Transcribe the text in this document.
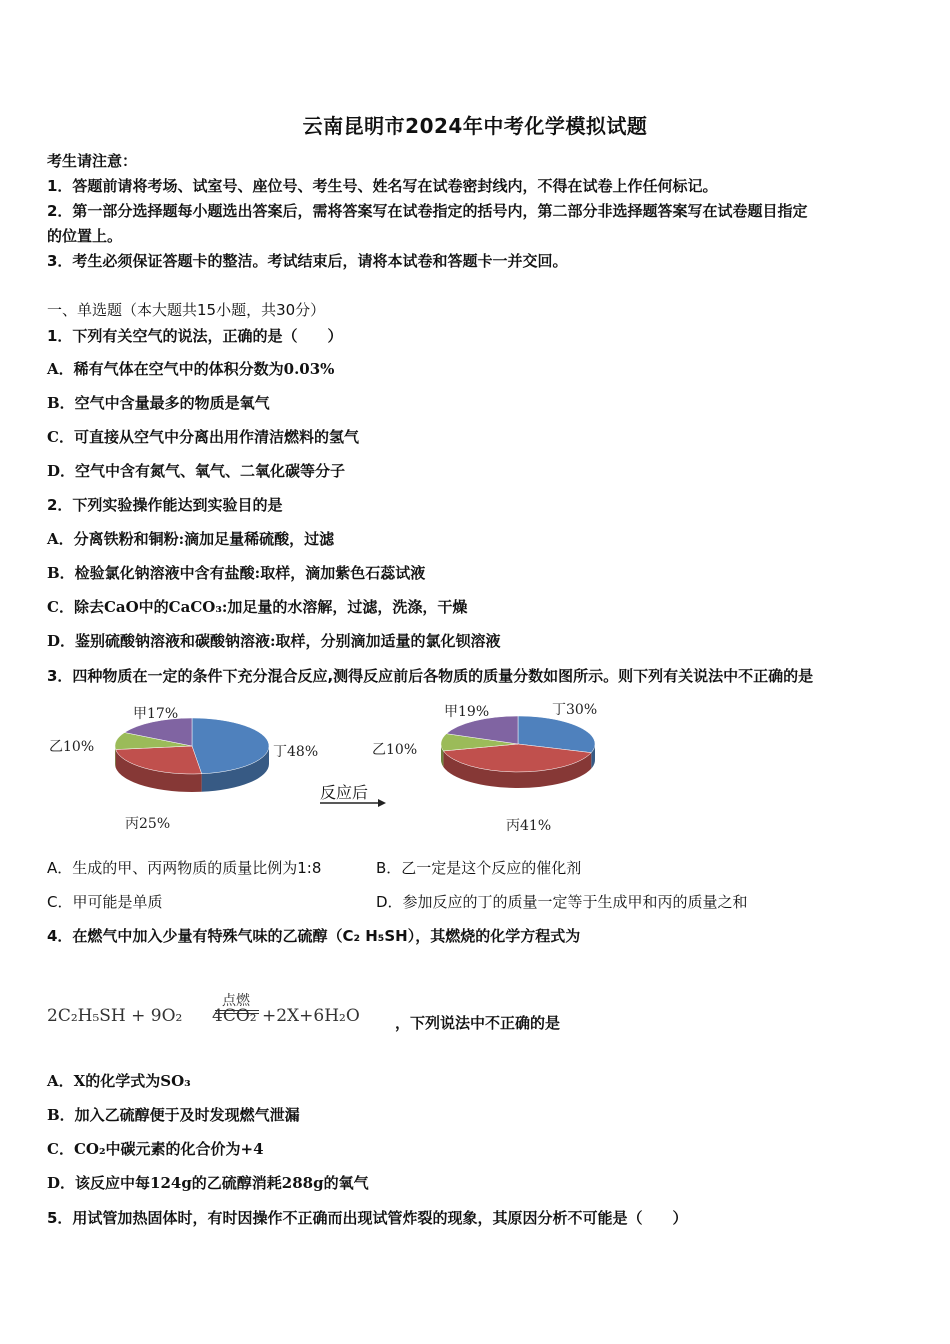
云南昆明市2024年中考化学模拟试题
考生请注意：
1．答题前请将考场、试室号、座位号、考生号、姓名写在试卷密封线内，不得在试卷上作任何标记。
2．第一部分选择题每小题选出答案后，需将答案写在试卷指定的括号内，第二部分非选择题答案写在试卷题目指定
的位置上。
3．考生必须保证答题卡的整洁。考试结束后，请将本试卷和答题卡一并交回。
一、单选题（本大题共15小题，共30分）
1．下列有关空气的说法，正确的是（　　）
A．稀有气体在空气中的体积分数为0.03%
B．空气中含量最多的物质是氧气
C．可直接从空气中分离出用作清洁燃料的氢气
D．空气中含有氮气、氧气、二氧化碳等分子
2．下列实验操作能达到实验目的是
A．分离铁粉和铜粉:滴加足量稀硫酸，过滤
B．检验氯化钠溶液中含有盐酸:取样，滴加紫色石蕊试液
C．除去CaO中的CaCO₃:加足量的水溶解，过滤，洗涤，干燥
D．鉴别硫酸钠溶液和碳酸钠溶液:取样，分别滴加适量的氯化钡溶液
3．四种物质在一定的条件下充分混合反应,测得反应前后各物质的质量分数如图所示。则下列有关说法中不正确的是
甲17%
乙10%
丙25%
丁48%
甲19%
乙10%
丙41%
丁30%
反应后
A．生成的甲、丙两物质的质量比例为1:8	B．乙一定是这个反应的催化剂
C．甲可能是单质	D．参加反应的丁的质量一定等于生成甲和丙的质量之和
4．在燃气中加入少量有特殊气味的乙硫醇（C₂ H₅SH），其燃烧的化学方程式为
2C₂H₅SH + 9O₂
点燃
4CO₂ +2X+6H₂O ，下列说法中不正确的是
A．X的化学式为SO₃
B．加入乙硫醇便于及时发现燃气泄漏
C．CO₂中碳元素的化合价为+4
D．该反应中每124g的乙硫醇消耗288g的氧气
5．用试管加热固体时，有时因操作不正确而出现试管炸裂的现象，其原因分析不可能是（　　）
